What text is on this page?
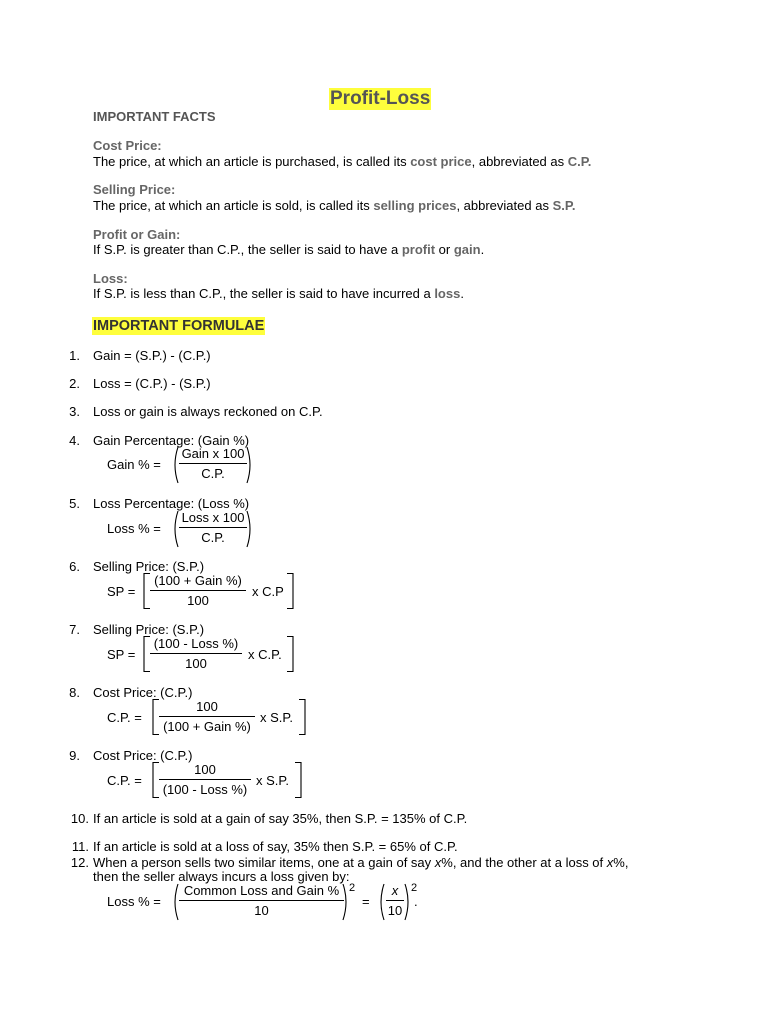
Profit-Loss
IMPORTANT FACTS
Cost Price:
The price, at which an article is purchased, is called its cost price, abbreviated as C.P.
Selling Price:
The price, at which an article is sold, is called its selling prices, abbreviated as S.P.
Profit or Gain:
If S.P. is greater than C.P., the seller is said to have a profit or gain.
Loss:
If S.P. is less than C.P., the seller is said to have incurred a loss.
IMPORTANT FORMULAE
1. Gain = (S.P.) - (C.P.)
2. Loss = (C.P.) - (S.P.)
3. Loss or gain is always reckoned on C.P.
4. Gain Percentage: (Gain %)
Gain % =
Gain x 100
C.P.
5. Loss Percentage: (Loss %)
Loss % =
Loss x 100
C.P.
6. Selling Price: (S.P.)
SP =
(100 + Gain %)
100
x C.P
7. Selling Price: (S.P.)
SP =
(100 - Loss %)
100
x C.P.
8. Cost Price: (C.P.)
C.P. =
100
(100 + Gain %)
x S.P.
9. Cost Price: (C.P.)
C.P. =
100
(100 - Loss %)
x S.P.
10. If an article is sold at a gain of say 35%, then S.P. = 135% of C.P.
11. If an article is sold at a loss of say, 35% then S.P. = 65% of C.P.
12. When a person sells two similar items, one at a gain of say x%, and the other at a loss of x%,
then the seller always incurs a loss given by:
Loss % =
Common Loss and Gain %
10
2
=
x
10
2
.
